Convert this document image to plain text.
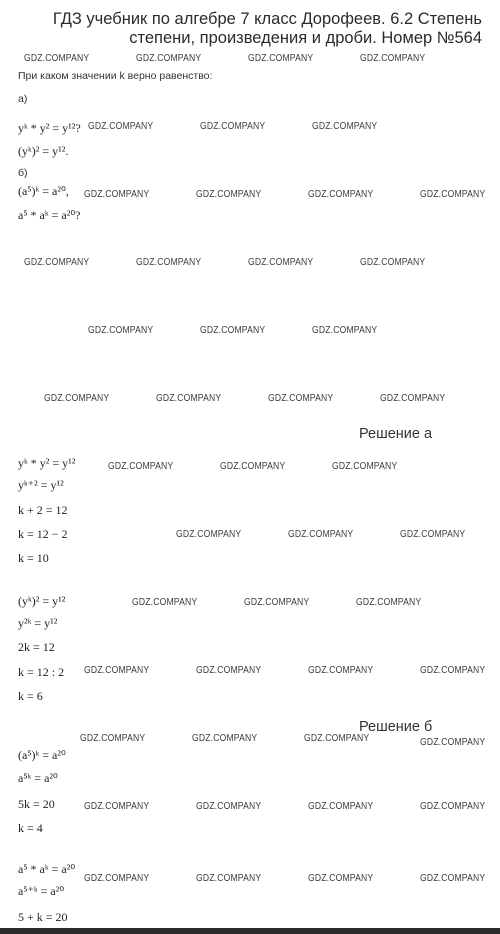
ГДЗ учебник по алгебре 7 класс Дорофеев. 6.2 Степень степени, произведения и дроби. Номер №564
GDZ.COMPANY	GDZ.COMPANY	GDZ.COMPANY	GDZ.COMPANY
GDZ.COMPANY	GDZ.COMPANY	GDZ.COMPANY
GDZ.COMPANY	GDZ.COMPANY	GDZ.COMPANY	GDZ.COMPANY
GDZ.COMPANY	GDZ.COMPANY	GDZ.COMPANY	GDZ.COMPANY
GDZ.COMPANY	GDZ.COMPANY	GDZ.COMPANY
GDZ.COMPANY	GDZ.COMPANY	GDZ.COMPANY	GDZ.COMPANY
GDZ.COMPANY	GDZ.COMPANY	GDZ.COMPANY
GDZ.COMPANY	GDZ.COMPANY	GDZ.COMPANY
GDZ.COMPANY	GDZ.COMPANY	GDZ.COMPANY
GDZ.COMPANY	GDZ.COMPANY	GDZ.COMPANY	GDZ.COMPANY
GDZ.COMPANY	GDZ.COMPANY	GDZ.COMPANY	GDZ.COMPANY
GDZ.COMPANY	GDZ.COMPANY	GDZ.COMPANY	GDZ.COMPANY
GDZ.COMPANY	GDZ.COMPANY	GDZ.COMPANY	GDZ.COMPANY
При каком значении k верно равенство:
а)
yᵏ * y² = y¹²?
(yᵏ)² = y¹².
б)
(a⁵)ᵏ = a²⁰,
a⁵ * aᵏ = a²⁰?
Решение а
yᵏ * y² = y¹²
yᵏ⁺² = y¹²
k + 2 = 12
k = 12 − 2
k = 10
(yᵏ)² = y¹²
y²ᵏ = y¹²
2k = 12
k = 12 : 2
k = 6
Решение б
(a⁵)ᵏ = a²⁰
a⁵ᵏ = a²⁰
5k = 20
k = 4
a⁵ * aᵏ = a²⁰
a⁵⁺ᵏ = a²⁰
5 + k = 20
